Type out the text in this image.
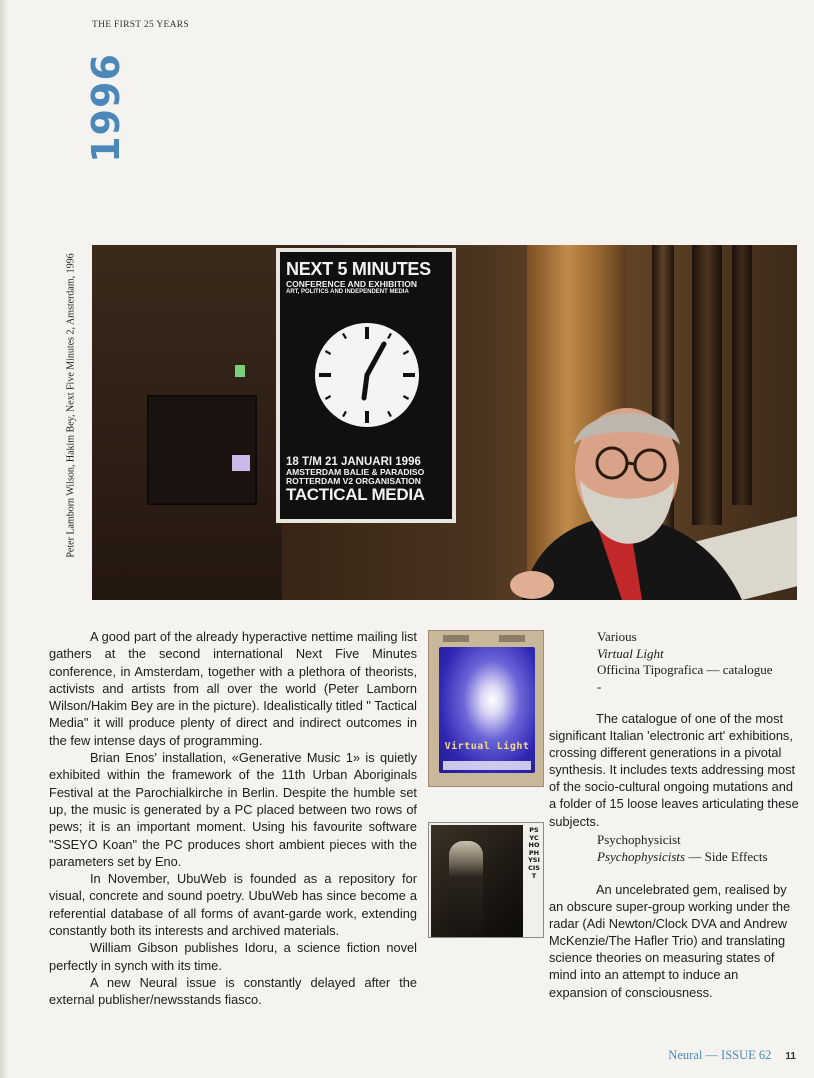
THE FIRST 25 YEARS
1996
Peter Lamborn Wilson, Hakim Bey, Next Five Minutes 2, Amsterdam, 1996	NEXT 5 MINUTES
CONFERENCE AND EXHIBITION
ART, POLITICS AND INDEPENDENT MEDIA
18 T/M 21 JANUARI 1996
AMSTERDAM BALIE & PARADISO
ROTTERDAM V2 ORGANISATION
TACTICAL MEDIA

A good part of the already hyperactive nettime mailing list gathers at the second international Next Five Minutes conference, in Amsterdam, together with a plethora of theorists, activists and artists from all over the world (Peter Lamborn Wilson/Hakim Bey are in the picture). Idealistically titled " Tactical Media" it will produce plenty of direct and indirect outcomes in the few intense days of programming.

Brian Enos' installation, «Generative Music 1» is quietly exhibited within the framework of the 11th Urban Aboriginals Festival at the Parochialkirche in Berlin. Despite the humble set up, the music is generated by a PC placed between two rows of pews; it is an important moment. Using his favourite software "SSEYO Koan" the PC produces short ambient pieces with the parameters set by Eno.

In November, UbuWeb is founded as a repository for visual, concrete and sound poetry. UbuWeb has since become a referential database of all forms of avant-garde work, extending constantly both its interests and archived materials.

William Gibson publishes Idoru, a science fiction novel perfectly in synch with its time.

A new Neural issue is constantly delayed after the external publisher/newsstands fiasco.

Virtual Light
PSYCHOPHYSICIST
Various
Virtual Light
Officina Tipografica — catalogue
-

The catalogue of one of the most significant Italian 'electronic art' exhibitions, crossing different generations in a pivotal synthesis. It includes texts addressing most of the socio-cultural ongoing mutations and a folder of 15 loose leaves articulating these subjects.

Psychophysicist
Psychophysicists — Side Effects

An uncelebrated gem, realised by an obscure super-group working under the radar (Adi Newton/Clock DVA and Andrew McKenzie/The Hafler Trio) and translating science theories on measuring states of mind into an attempt to induce an expansion of consciousness.

Neural — ISSUE 62 11
